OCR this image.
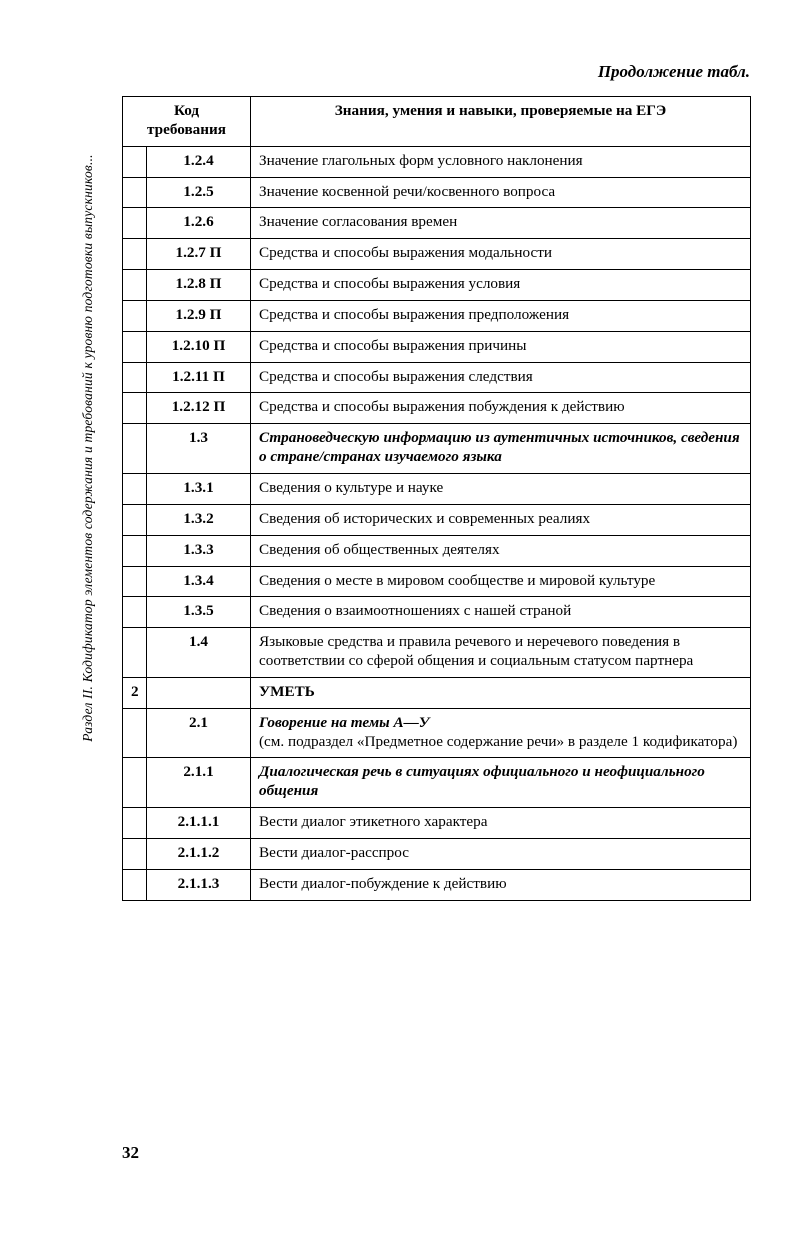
Раздел II. Кодификатор элементов содержания и требований к уровню подготовки выпускников...
Продолжение табл.
Код
требования		Знания, умения и навыки, проверяемые на ЕГЭ
	1.2.4	Значение глагольных форм условного наклонения
	1.2.5	Значение косвенной речи/косвенного вопроса
	1.2.6	Значение согласования времен
	1.2.7 П	Средства и способы выражения модальности
	1.2.8 П	Средства и способы выражения условия
	1.2.9 П	Средства и способы выражения предположения
	1.2.10 П	Средства и способы выражения причины
	1.2.11 П	Средства и способы выражения следствия
	1.2.12 П	Средства и способы выражения побуждения к действию
	1.3	Страноведческую информацию из аутентичных источников, сведения о стране/странах изучаемого языка
	1.3.1	Сведения о культуре и науке
	1.3.2	Сведения об исторических и современных реалиях
	1.3.3	Сведения об общественных деятелях
	1.3.4	Сведения о месте в мировом сообществе и мировой культуре
	1.3.5	Сведения о взаимоотношениях с нашей страной
	1.4	Языковые средства и правила речевого и неречевого поведения в соответствии со сферой общения и социальным статусом партнера
2		УМЕТЬ
	2.1	Говорение на темы А—У
(см. подраздел «Предметное содержание речи» в разделе 1 кодификатора)
	2.1.1	Диалогическая речь в ситуациях официального и неофициального общения
	2.1.1.1	Вести диалог этикетного характера
	2.1.1.2	Вести диалог-расспрос
	2.1.1.3	Вести диалог-побуждение к действию
32
